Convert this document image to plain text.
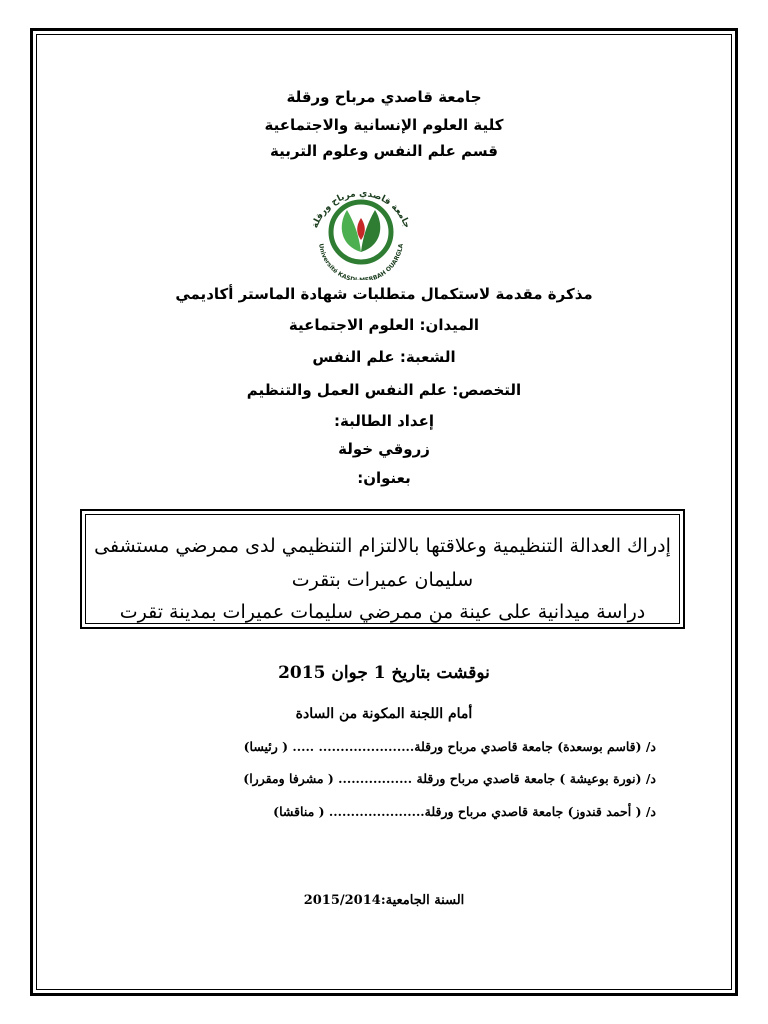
جامعة قاصدي مرباح ورقلة
كلية العلوم الإنسانية والاجتماعية
قسم علم النفس وعلوم التربية
جامعة قاصدي مرباح ورقلة
Université KASD RBAH OUARGLA
مذكرة مقدمة لاستكمال متطلبات شهادة الماستر أكاديمي
الميدان: العلوم الاجتماعية
الشعبة: علم النفس
التخصص: علم النفس العمل والتنظيم
إعداد الطالبة:
زروقي خولة
بعنوان:
إدراك العدالة التنظيمية وعلاقتها بالالتزام التنظيمي لدى ممرضي مستشفى
سليمان عميرات بتقرت
دراسة ميدانية على عينة من ممرضي سليمات عميرات بمدينة تقرت
نوقشت بتاريخ 1 جوان 2015
أمام اللجنة المكونة من السادة
د/ (قاسم بوسعدة) جامعة قاصدي مرباح ورقلة...................... ..... ( رئيسا)
د/ (نورة بوعيشة ) جامعة قاصدي مرباح ورقلة ................. ( مشرفا ومقررا)
د/ ( أحمد قندوز) جامعة قاصدي مرباح ورقلة...................... ( مناقشا)
السنة الجامعية:2015/2014
